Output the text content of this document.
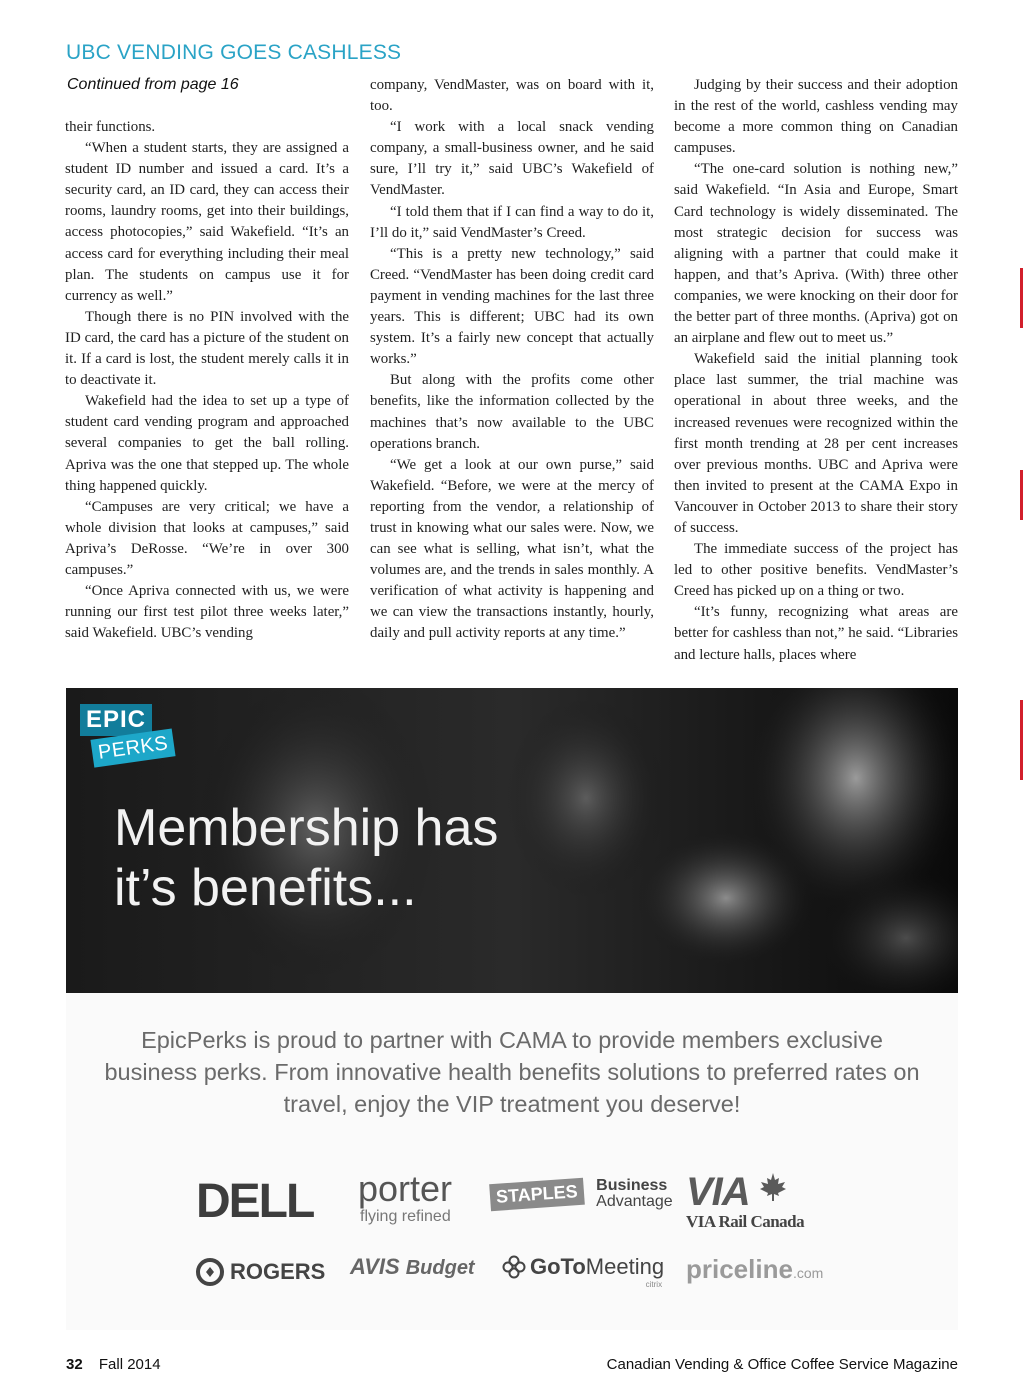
UBC VENDING GOES CASHLESS
Continued from page 16

their functions.

“When a student starts, they are assigned a student ID number and issued a card. It’s a security card, an ID card, they can access their rooms, laundry rooms, get into their buildings, access photocopies,” said Wakefield. “It’s an access card for everything including their meal plan. The students on campus use it for currency as well.”

Though there is no PIN involved with the ID card, the card has a picture of the student on it. If a card is lost, the student merely calls it in to deactivate it.

Wakefield had the idea to set up a type of student card vending program and approached several companies to get the ball rolling. Apriva was the one that stepped up. The whole thing happened quickly.

“Campuses are very critical; we have a whole division that looks at campuses,” said Apriva’s DeRosse. “We’re in over 300 campuses.”

“Once Apriva connected with us, we were running our first test pilot three weeks later,” said Wakefield. UBC’s vending

company, VendMaster, was on board with it, too.

“I work with a local snack vending company, a small-business owner, and he said sure, I’ll try it,” said UBC’s Wakefield of VendMaster.

“I told them that if I can find a way to do it, I’ll do it,” said VendMaster’s Creed.

“This is a pretty new technology,” said Creed. “VendMaster has been doing credit card payment in vending machines for the last three years. This is different; UBC had its own system. It’s a fairly new concept that actually works.”

But along with the profits come other benefits, like the information collected by the machines that’s now available to the UBC operations branch.

“We get a look at our own purse,” said Wakefield. “Before, we were at the mercy of reporting from the vendor, a relationship of trust in knowing what our sales were. Now, we can see what is selling, what isn’t, what the volumes are, and the trends in sales monthly. A verification of what activity is happening and we can view the transactions instantly, hourly, daily and pull activity reports at any time.”

Judging by their success and their adoption in the rest of the world, cashless vending may become a more common thing on Canadian campuses.

“The one-card solution is nothing new,” said Wakefield. “In Asia and Europe, Smart Card technology is widely disseminated. The most strategic decision for success was aligning with a partner that could make it happen, and that’s Apriva. (With) three other companies, we were knocking on their door for the better part of three months. (Apriva) got on an airplane and flew out to meet us.”

Wakefield said the initial planning took place last summer, the trial machine was operational in about three weeks, and the increased revenues were recognized within the first month trending at 28 per cent increases over previous months. UBC and Apriva were then invited to present at the CAMA Expo in Vancouver in October 2013 to share their story of success.

The immediate success of the project has led to other positive benefits. VendMaster’s Creed has picked up on a thing or two.

“It’s funny, recognizing what areas are better for cashless than not,” he said. “Libraries and lecture halls, places where

EPIC
PERKS
Membership has
it’s benefits...
EpicPerks is proud to partner with CAMA to provide members exclusive business perks. From innovative health benefits solutions to preferred rates on travel, enjoy the VIP treatment you deserve!
DELL porter
flying refined
STAPLES Business
Advantage VIA
VIA Rail Canada
ROGERS AVIS Budget	GoTo Meeting
citrix
priceline.com
32 Fall 2014	Canadian Vending & Office Coffee Service Magazine
